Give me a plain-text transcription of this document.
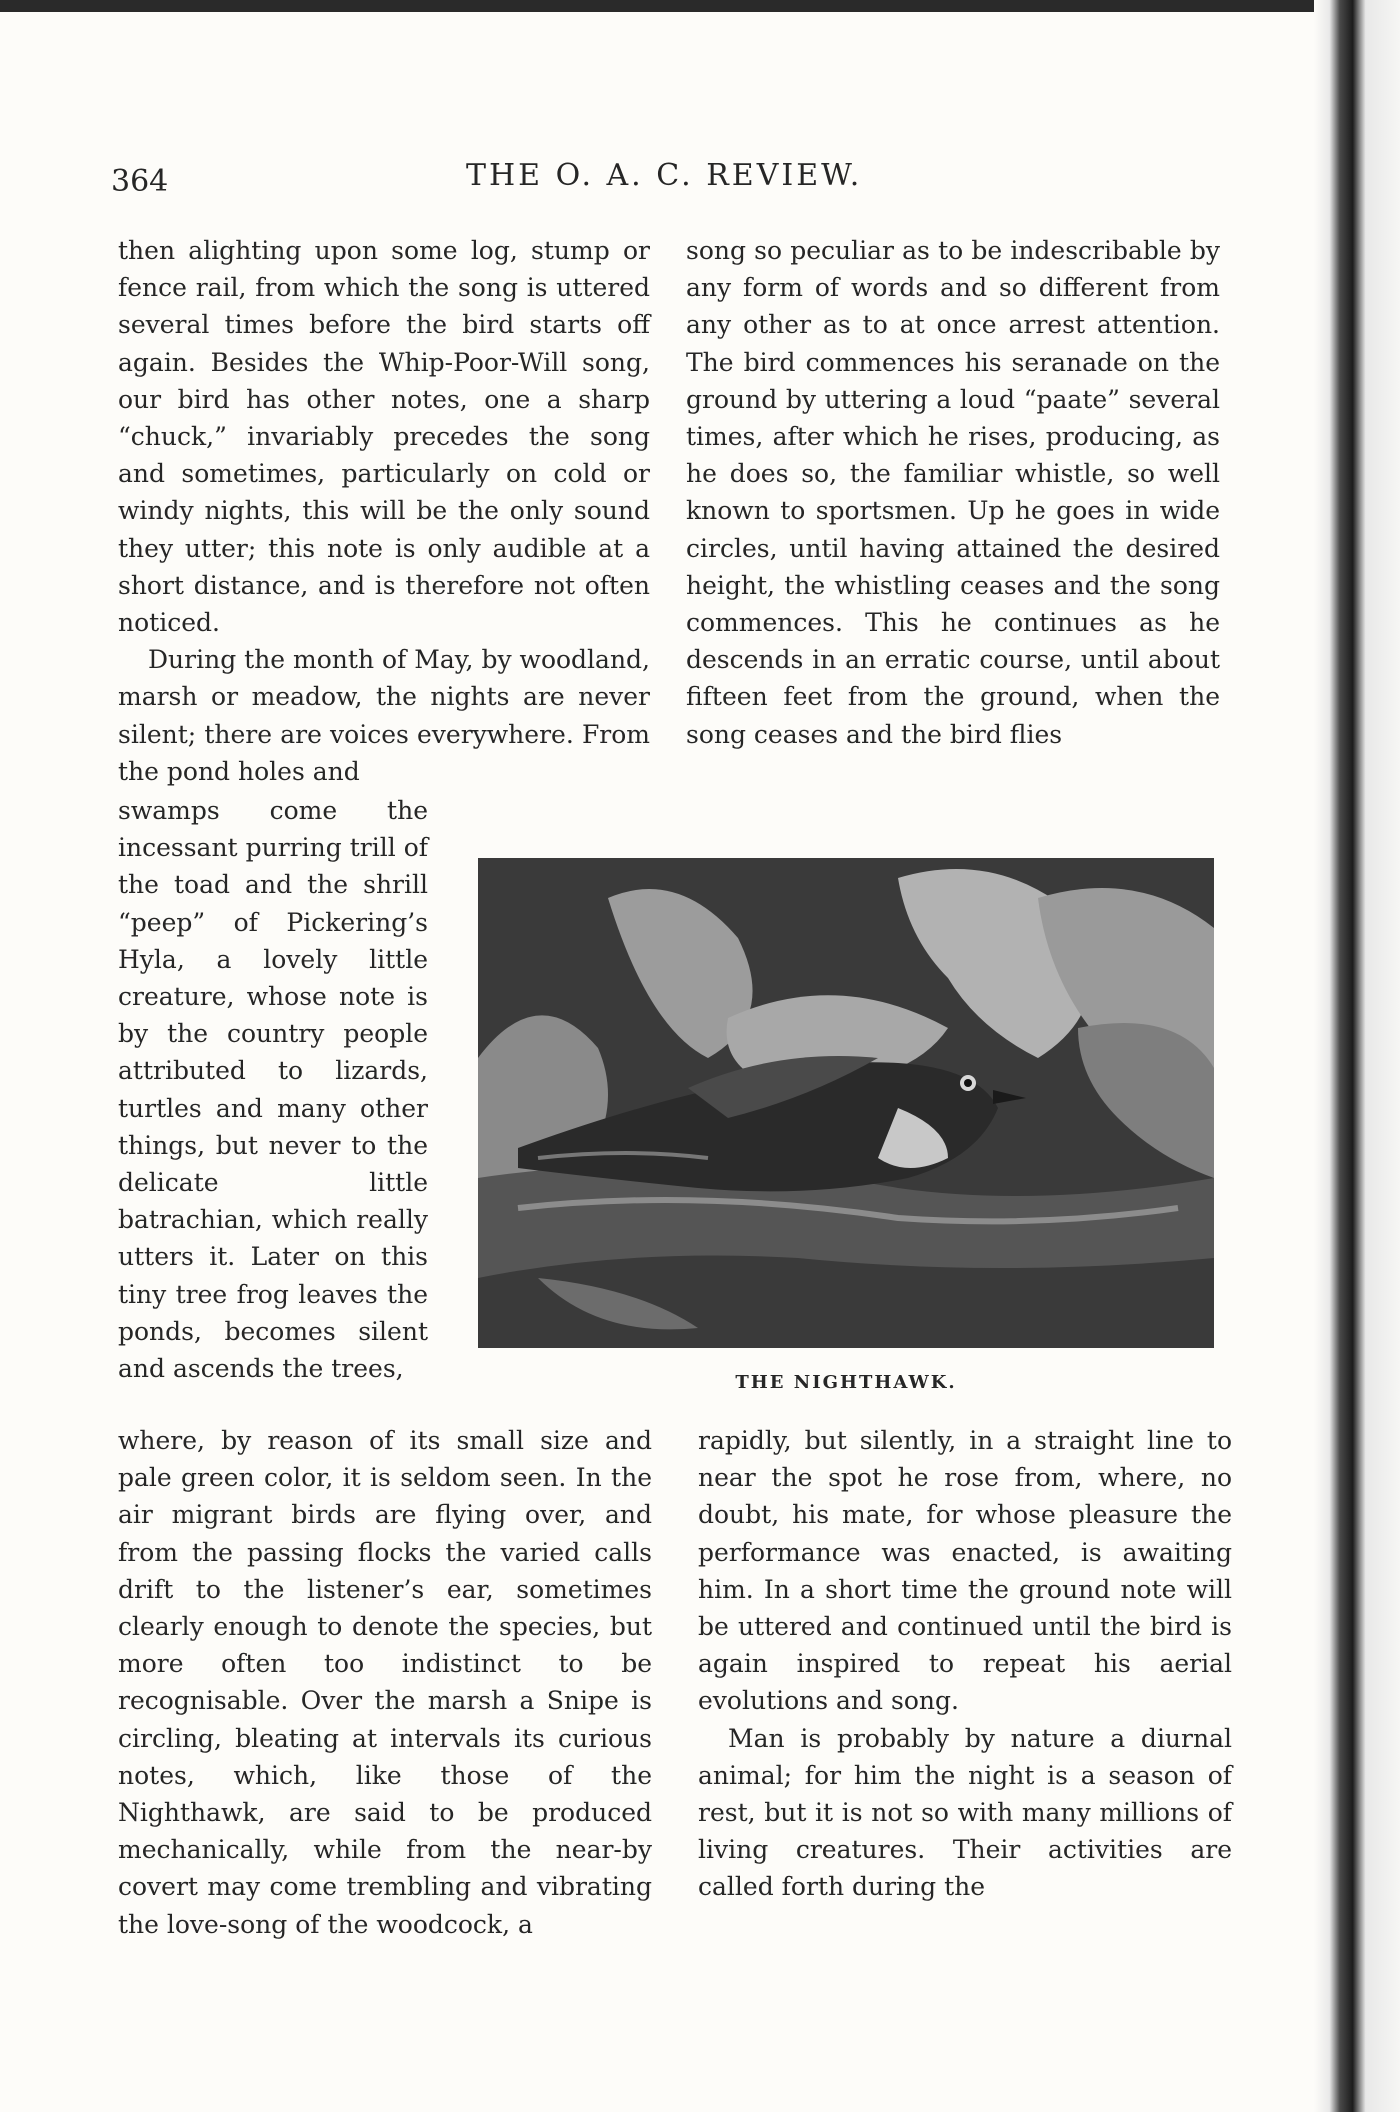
364	THE O. A. C. REVIEW.

then alighting upon some log, stump or fence rail, from which the song is uttered several times before the bird starts off again. Besides the Whip-Poor-Will song, our bird has other notes, one a sharp “chuck,” invariably precedes the song and sometimes, particularly on cold or windy nights, this will be the only sound they utter; this note is only audible at a short distance, and is therefore not often noticed.

During the month of May, by woodland, marsh or meadow, the nights are never silent; there are voices everywhere. From the pond holes and

swamps come the incessant purring trill of the toad and the shrill “peep” of Pickering’s Hyla, a lovely little creature, whose note is by the country people attributed to lizards, turtles and many other things, but never to the delicate little batrachian, which really utters it. Later on this tiny tree frog leaves the ponds, becomes silent and ascends the trees,

where, by reason of its small size and pale green color, it is seldom seen. In the air migrant birds are flying over, and from the passing flocks the varied calls drift to the listener’s ear, sometimes clearly enough to denote the species, but more often too indistinct to be recognisable. Over the marsh a Snipe is circling, bleating at intervals its curious notes, which, like those of the Nighthawk, are said to be produced mechanically, while from the near-by covert may come trembling and vibrating the love-song of the woodcock, a

song so peculiar as to be indescribable by any form of words and so different from any other as to at once arrest attention. The bird commences his seranade on the ground by uttering a loud “paate” several times, after which he rises, producing, as he does so, the familiar whistle, so well known to sportsmen. Up he goes in wide circles, until having attained the desired height, the whistling ceases and the song commences. This he continues as he descends in an erratic course, until about fifteen feet from the ground, when the song ceases and the bird flies

rapidly, but silently, in a straight line to near the spot he rose from, where, no doubt, his mate, for whose pleasure the performance was enacted, is awaiting him. In a short time the ground note will be uttered and continued until the bird is again inspired to repeat his aerial evolutions and song.

Man is probably by nature a diurnal animal; for him the night is a season of rest, but it is not so with many millions of living creatures. Their activities are called forth during the

THE NIGHTHAWK.
